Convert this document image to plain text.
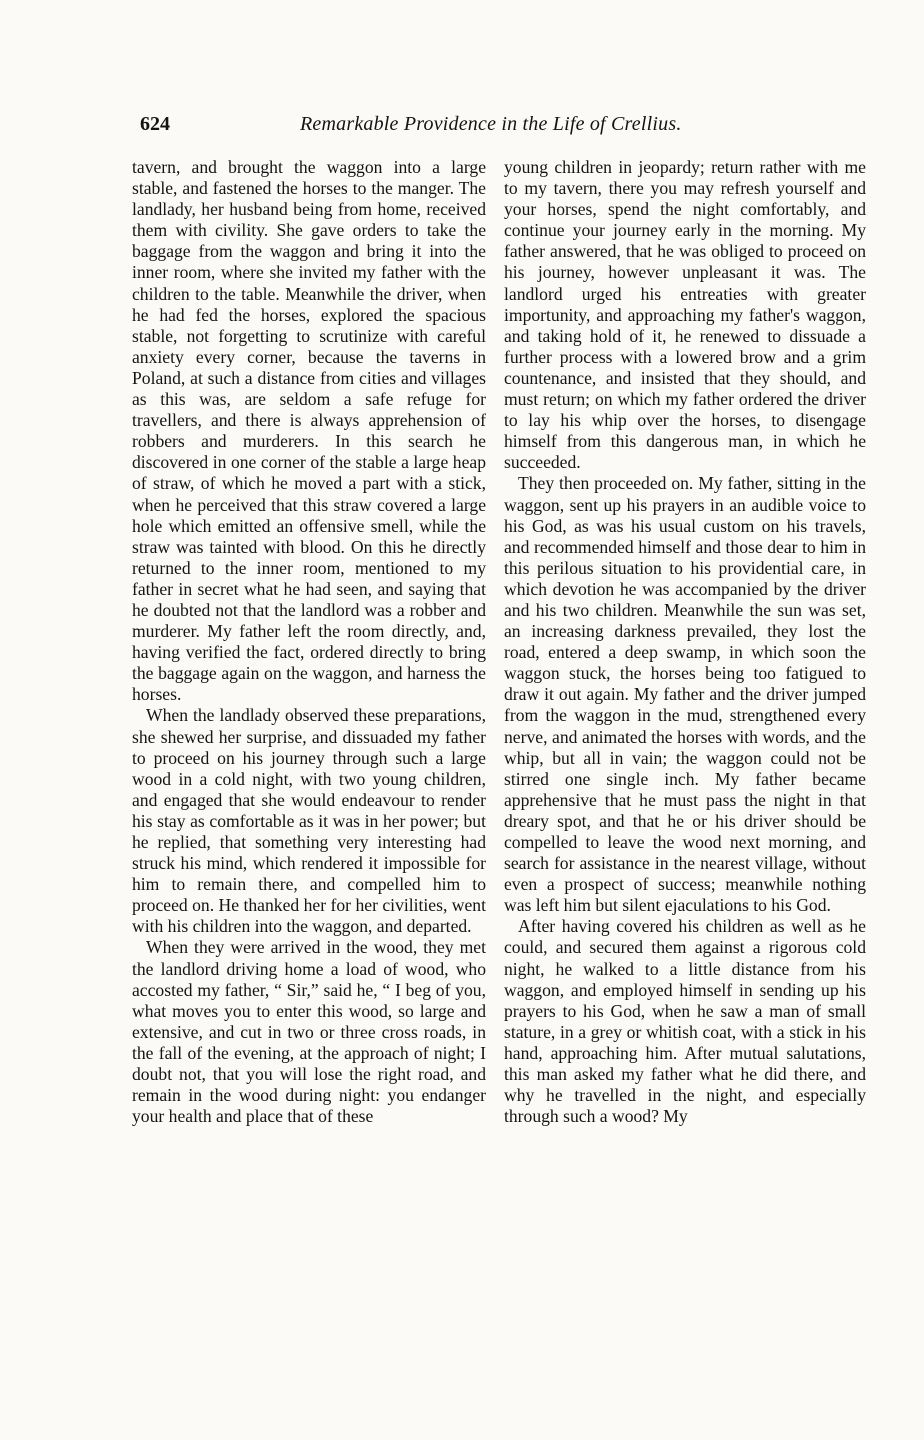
624	Remarkable Providence in the Life of Crellius.

tavern, and brought the waggon into a large stable, and fastened the horses to the manger. The landlady, her husband being from home, received them with civility. She gave orders to take the baggage from the waggon and bring it into the inner room, where she invited my father with the children to the table. Meanwhile the driver, when he had fed the horses, explored the spacious stable, not forgetting to scrutinize with careful anxiety every corner, because the taverns in Poland, at such a distance from cities and villages as this was, are seldom a safe refuge for travellers, and there is always apprehension of robbers and murderers. In this search he discovered in one corner of the stable a large heap of straw, of which he moved a part with a stick, when he perceived that this straw covered a large hole which emitted an offensive smell, while the straw was tainted with blood. On this he directly returned to the inner room, mentioned to my father in secret what he had seen, and saying that he doubted not that the landlord was a robber and murderer. My father left the room directly, and, having verified the fact, ordered directly to bring the baggage again on the waggon, and harness the horses.

When the landlady observed these preparations, she shewed her surprise, and dissuaded my father to proceed on his journey through such a large wood in a cold night, with two young children, and engaged that she would endeavour to render his stay as comfortable as it was in her power; but he replied, that something very interesting had struck his mind, which rendered it impossible for him to remain there, and compelled him to proceed on. He thanked her for her civilities, went with his children into the waggon, and departed.

When they were arrived in the wood, they met the landlord driving home a load of wood, who accosted my father, “ Sir,” said he, “ I beg of you, what moves you to enter this wood, so large and extensive, and cut in two or three cross roads, in the fall of the evening, at the approach of night; I doubt not, that you will lose the right road, and remain in the wood during night: you endanger your health and place that of these

young children in jeopardy; return rather with me to my tavern, there you may refresh yourself and your horses, spend the night comfortably, and continue your journey early in the morning. My father answered, that he was obliged to proceed on his journey, however unpleasant it was. The landlord urged his entreaties with greater importunity, and approaching my father's waggon, and taking hold of it, he renewed to dissuade a further process with a lowered brow and a grim countenance, and insisted that they should, and must return; on which my father ordered the driver to lay his whip over the horses, to disengage himself from this dangerous man, in which he succeeded.

They then proceeded on. My father, sitting in the waggon, sent up his prayers in an audible voice to his God, as was his usual custom on his travels, and recommended himself and those dear to him in this perilous situation to his providential care, in which devotion he was accompanied by the driver and his two children. Meanwhile the sun was set, an increasing darkness prevailed, they lost the road, entered a deep swamp, in which soon the waggon stuck, the horses being too fatigued to draw it out again. My father and the driver jumped from the waggon in the mud, strengthened every nerve, and animated the horses with words, and the whip, but all in vain; the waggon could not be stirred one single inch. My father became apprehensive that he must pass the night in that dreary spot, and that he or his driver should be compelled to leave the wood next morning, and search for assistance in the nearest village, without even a prospect of success; meanwhile nothing was left him but silent ejaculations to his God.

After having covered his children as well as he could, and secured them against a rigorous cold night, he walked to a little distance from his waggon, and employed himself in sending up his prayers to his God, when he saw a man of small stature, in a grey or whitish coat, with a stick in his hand, approaching him. After mutual salutations, this man asked my father what he did there, and why he travelled in the night, and especially through such a wood? My
